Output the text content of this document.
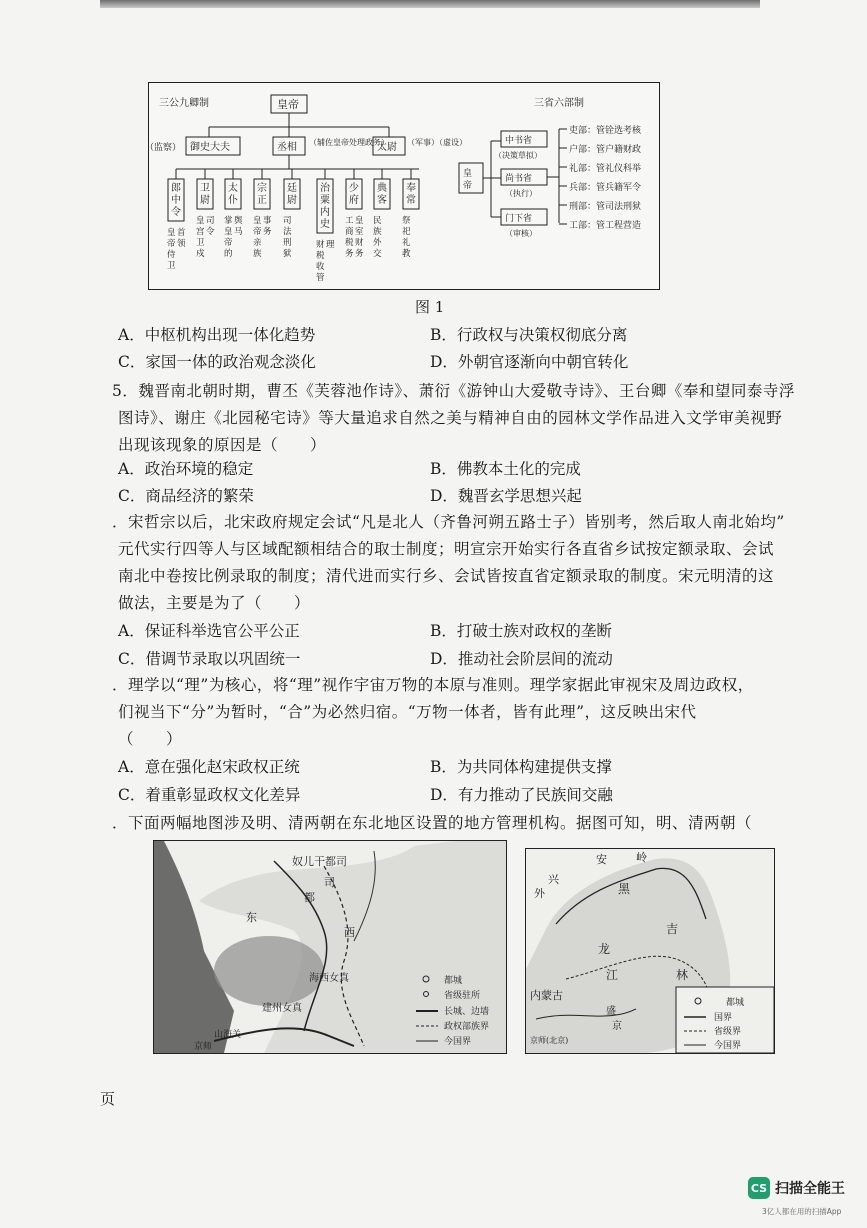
三公九卿制	三省六部制
皇帝
御史大夫
（监察）	丞相 （辅佐皇帝处理政务）
太尉 （军事）（虚设）
郎
中
令
皇
帝
侍
卫
首
领
卫
尉
皇
宫
卫
戍
司
令
太
仆
掌
皇
帝
的
舆
马
宗
正
皇
帝
亲
族
事
务
廷
尉
司
法
刑
狱
治
粟
内
史
财
税
收
管
理
少
府
工
商
税
务
皇
室
财
务
典
客
民
族
外
交
奉
常
祭
祀
礼
教
皇
帝
中书省
（决策草拟）
尚书省
（执行）
门下省
（审核）
吏部：管铨选考核
户部：管户籍财政
礼部：管礼仪科举
兵部：管兵籍军令
刑部：管司法刑狱
工部：管工程营造
图 1
A．中枢机构出现一体化趋势	B．行政权与决策权彻底分离
C．家国一体的政治观念淡化	D．外朝官逐渐向中朝官转化
5．魏晋南北朝时期，曹丕《芙蓉池作诗》、萧衍《游钟山大爱敬寺诗》、王台卿《奉和望同泰寺浮
图诗》、谢庄《北园秘宅诗》等大量追求自然之美与精神自由的园林文学作品进入文学审美视野
出现该现象的原因是（　　）
A．政治环境的稳定	B．佛教本土化的完成
C．商品经济的繁荣	D．魏晋玄学思想兴起
．宋哲宗以后，北宋政府规定会试“凡是北人（齐鲁河朔五路士子）皆别考，然后取人南北始均”
元代实行四等人与区域配额相结合的取士制度；明宣宗开始实行各直省乡试按定额录取、会试
南北中卷按比例录取的制度；清代进而实行乡、会试皆按直省定额录取的制度。宋元明清的这
做法，主要是为了（　　）
A．保证科举选官公平公正	B．打破士族对政权的垄断
C．借调节录取以巩固统一	D．推动社会阶层间的流动
．理学以“理”为核心，将“理”视作宇宙万物的本原与准则。理学家据此审视宋及周边政权，
们视当下“分”为暂时，“合”为必然归宿。“万物一体者，皆有此理”，这反映出宋代
（　　）
A．意在强化赵宋政权正统	B．为共同体构建提供支撑
C．着重彰显政权文化差异	D．有力推动了民族间交融
．下面两幅地图涉及明、清两朝在东北地区设置的地方管理机构。据图可知，明、清两朝（
奴儿干都司
东
都
司
西
建州女真
海西女真
山海关
京师
都城
省级驻所
长城、边墙
政权部族界
今国界
外
兴
安	岭
黑
龙
江
吉
林
内蒙古
盛
京
京师(北京)
都城
国界
省级界
今国界
页
CS 扫描全能王
3亿人都在用的扫描App
